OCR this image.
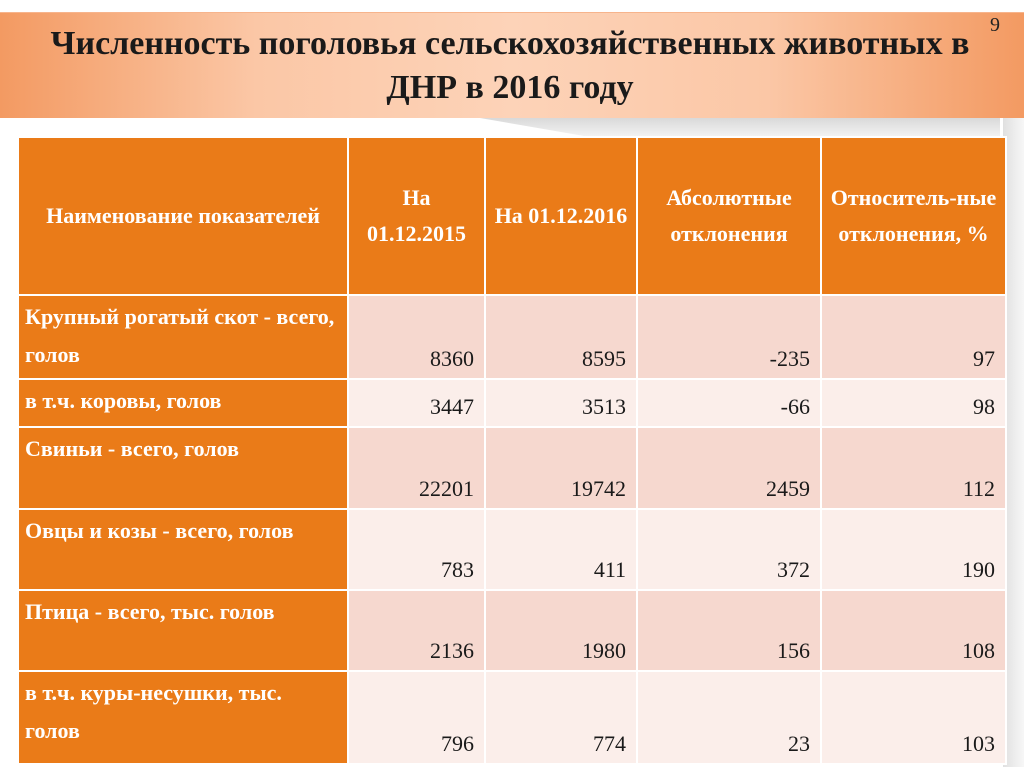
Численность поголовья сельскохозяйственных животных в ДНР в 2016 году
9
Наименование показателей	На 01.12.2015	На 01.12.2016	Абсолютные отклонения	Относитель-ные отклонения, %
Крупный рогатый скот - всего, голов	8360	8595	-235	97
в т.ч. коровы, голов	3447	3513	-66	98
Свиньи - всего, голов	22201	19742	2459	112
Овцы и козы - всего, голов	783	411	372	190
Птица - всего, тыс. голов	2136	1980	156	108
в т.ч. куры-несушки, тыс. голов	796	774	23	103
